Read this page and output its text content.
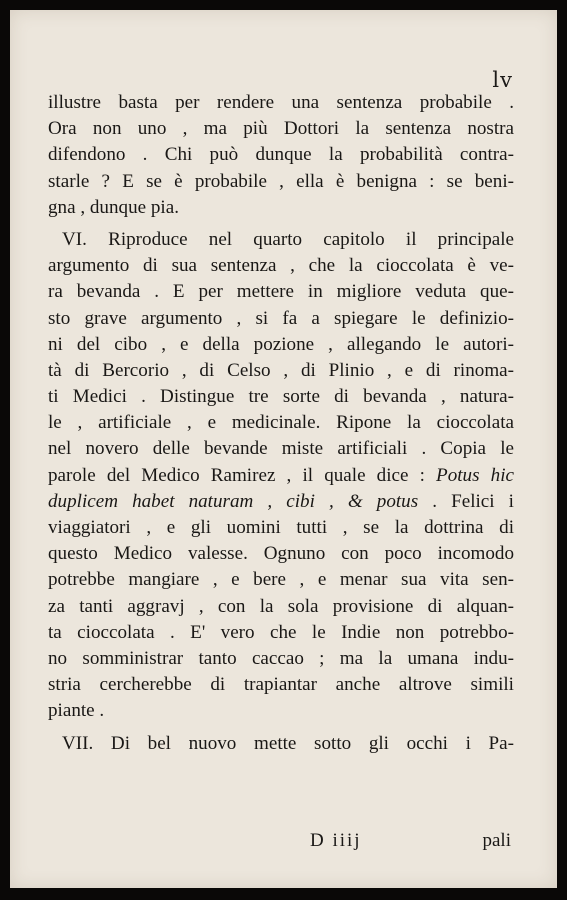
lv
illustre basta per rendere una sentenza probabile .
Ora non uno , ma più Dottori la sentenza nostra
difendono . Chi può dunque la probabilità contra-
starle ? E se è probabile , ella è benigna : se beni-
gna , dunque pia.
VI. Riproduce nel quarto capitolo il principale
argumento di sua sentenza , che la cioccolata è ve-
ra bevanda . E per mettere in migliore veduta que-
sto grave argumento , si fa a spiegare le definizio-
ni del cibo , e della pozione , allegando le autori-
tà di Bercorio , di Celso , di Plinio , e di rinoma-
ti Medici . Distingue tre sorte di bevanda , natura-
le , artificiale , e medicinale. Ripone la cioccolata
nel novero delle bevande miste artificiali . Copia le
parole del Medico Ramirez , il quale dice : Potus hic
duplicem habet naturam , cibi , & potus . Felici i
viaggiatori , e gli uomini tutti , se la dottrina di
questo Medico valesse. Ognuno con poco incomodo
potrebbe mangiare , e bere , e menar sua vita sen-
za tanti aggravj , con la sola provisione di alquan-
ta cioccolata . E' vero che le Indie non potrebbo-
no somministrar tanto caccao ; ma la umana indu-
stria cercherebbe di trapiantar anche altrove simili
piante .
VII. Di bel nuovo mette sotto gli occhi i Pa-
D iiij	pali
